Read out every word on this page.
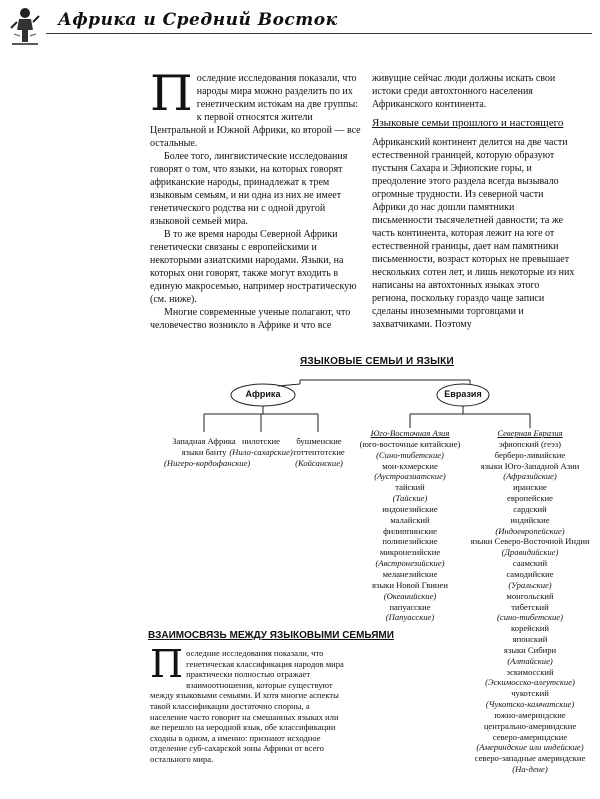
Африка и Средний Восток

Последние исследования показали, что народы мира можно разделить по их генетическим истокам на две группы: к первой относятся жители Центральной и Южной Африки, ко второй — все остальные.

Более того, лингвистические исследования говорят о том, что языки, на которых говорят африканские народы, принадлежат к трем языковым семьям, и ни одна из них не имеет генетического родства ни с одной другой языковой семьей мира.

В то же время народы Северной Африки генетически связаны с европейскими и некоторыми азиатскими народами. Языки, на которых они говорят, также могут входить в единую макросемью, например ностратическую (см. ниже).

Многие современные ученые полагают, что человечество возникло в Африке и что все

живущие сейчас люди должны искать свои истоки среди автохтонного населения Африканского континента.

Языковые семьи прошлого и настоящего

Африканский континент делится на две части естественной границей, которую образуют пустыня Сахара и Эфиопские горы, и преодоление этого раздела всегда вызывало огромные трудности. Из северной части Африки до нас дошли памятники письменности тысячелетней давности; та же часть континента, которая лежит на юге от естественной границы, дает нам памятники письменности, возраст которых не превышает нескольких сотен лет, и лишь некоторые из них написаны на автохтонных языках этого региона, поскольку гораздо чаще записи сделаны иноземными торговцами и захватчиками. Поэтому

ЯЗЫКОВЫЕ СЕМЬИ И ЯЗЫКИ
Африка	Евразия
Западная Африка
языки банту
(Нигеро-кордофанские)
нилотские
(Нило-сахарские)
бушменские
готтентотские
(Койсанские)
Юго-Восточная Азия
(юго-восточные китайские)
(Сино-тибетские)
мон-кхмерские
(Аустроазиатские)
тайский
(Тайские)
индонезийские
малайский
филиппинские
полинезийские
микронезийские
(Австронезийские)
меланезийские
языки Новой Гвинеи
(Океанийские)
папуасские
(Папуасские)
Северная Евразия
эфиопский (геэз)
берберо-ливийские
языки Юго-Западной Азии
(Афразийские)
иранские
европейские
сардский
индийские
(Индоевропейские)
языки Северо-Восточной Индии
(Дравидийские)
саамский
самодийские
(Уральские)
монгольский
тибетский
(сино-тибетские)
корейский
японский
языки Сибири
(Алтайские)
эскимосский
(Эскимосско-алеутские)
чукотский
(Чукотско-камчатские)
южно-америндские
центрально-америндские
северо-америндские
(Америндские или индейские)
северо-западные америндские
(На-дене)
ВЗАИМОСВЯЗЬ МЕЖДУ ЯЗЫКОВЫМИ СЕМЬЯМИ
Последние исследования показали, что генетическая классификация народов мира практически полностью отражает взаимоотношения, которые существуют между языковыми семьями. И хотя многие аспекты такой классификации достаточно спорны, а население часто говорит на смешанных языках или же перешло на неродной язык, обе классификации сходны в одном, а именно: признают исходное отделение суб-сахарской зоны Африки от всего остального мира.
